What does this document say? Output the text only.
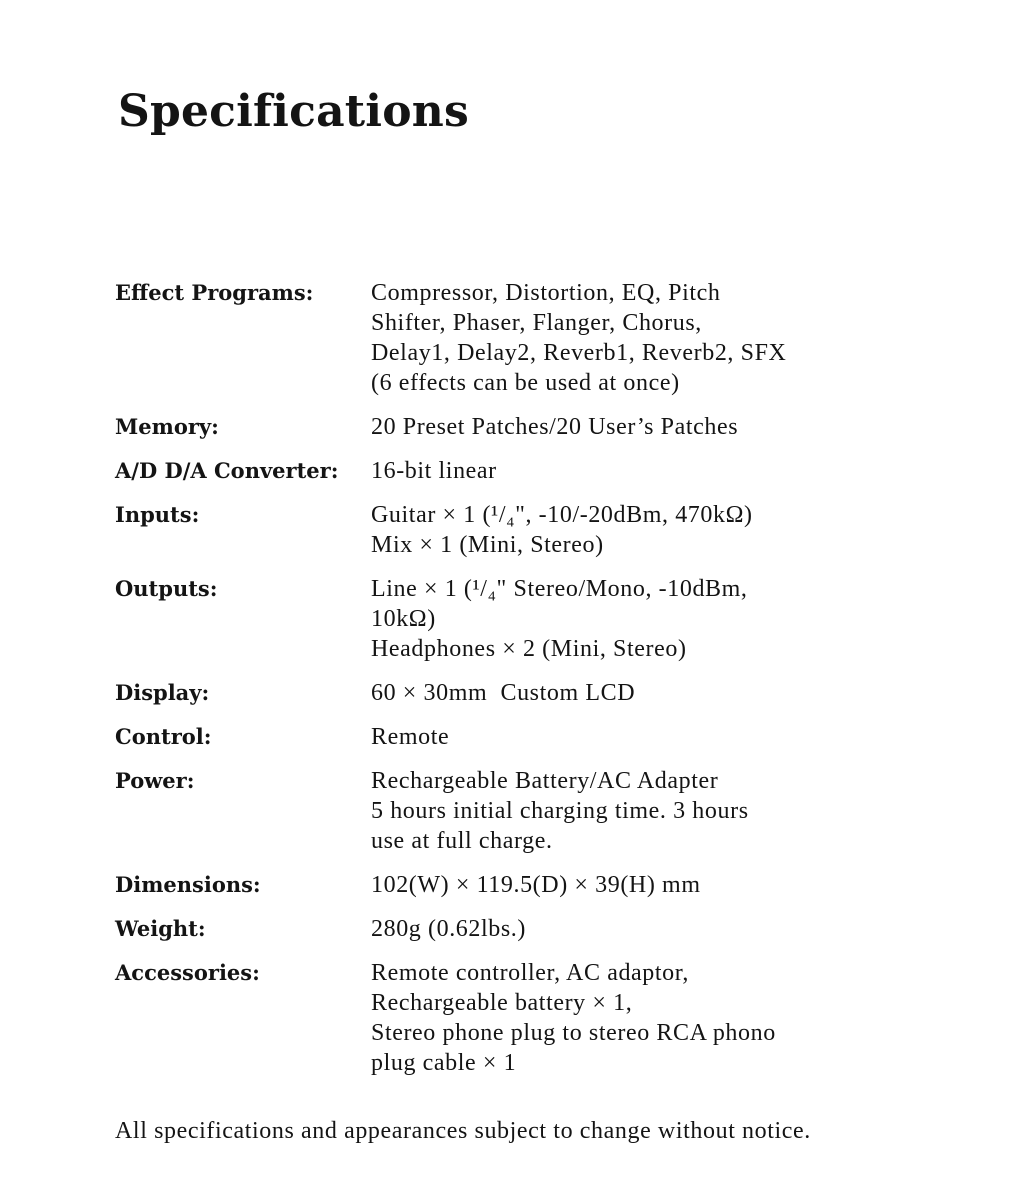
Specifications
Effect Programs:	Compressor, Distortion, EQ, Pitch
Shifter, Phaser, Flanger, Chorus,
Delay1, Delay2, Reverb1, Reverb2, SFX
(6 effects can be used at once)
Memory:	20 Preset Patches/20 User’s Patches
A/D D/A Converter:	16-bit linear
Inputs:	Guitar × 1 (¹/₄", -10/-20dBm, 470kΩ)
Mix × 1 (Mini, Stereo)
Outputs:	Line × 1 (¹/₄" Stereo/Mono, -10dBm,
10kΩ)
Headphones × 2 (Mini, Stereo)
Display:	60 × 30mm  Custom LCD
Control:	Remote
Power:	Rechargeable Battery/AC Adapter
5 hours initial charging time. 3 hours
use at full charge.
Dimensions:	102(W) × 119.5(D) × 39(H) mm
Weight:	280g (0.62lbs.)
Accessories:	Remote controller, AC adaptor,
Rechargeable battery × 1,
Stereo phone plug to stereo RCA phono
plug cable × 1

All specifications and appearances subject to change without notice.
